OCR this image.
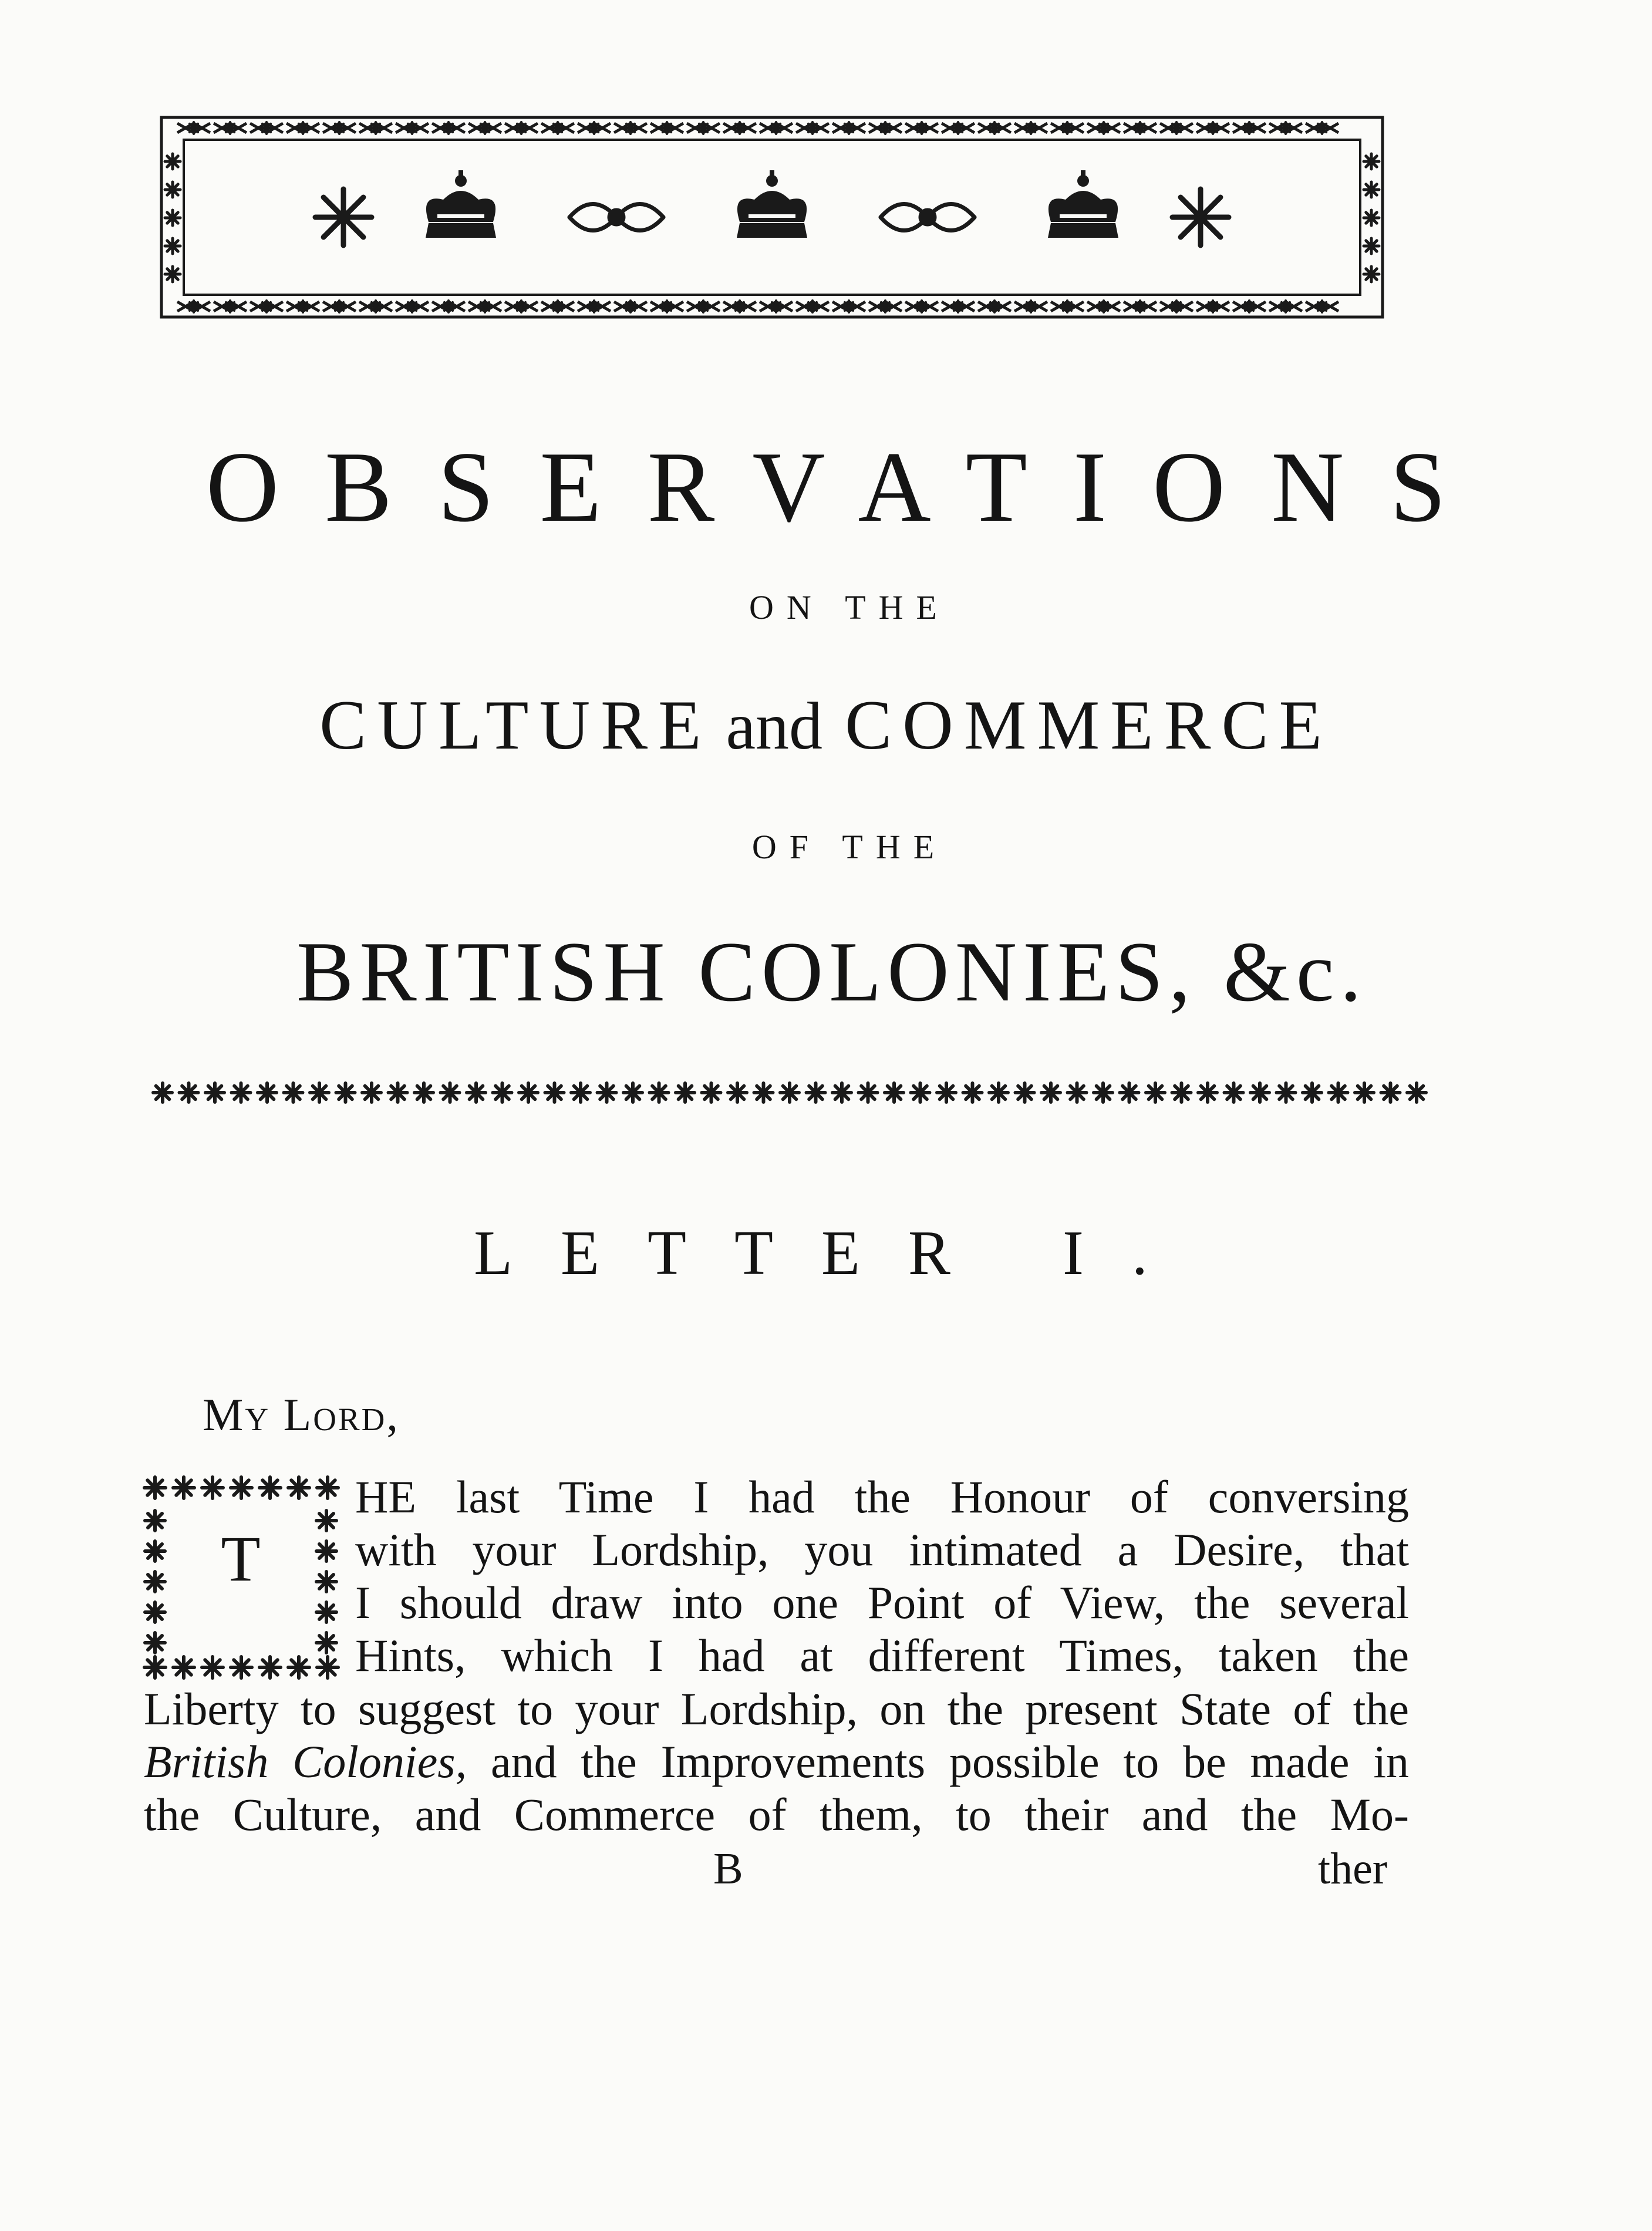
OBSERVATIONS
ON THE
CULTURE and COMMERCE
OF THE
BRITISH COLONIES, &c.
LETTER I.
My Lord,
T
HE last Time I had the Honour of conversing
with your Lordship, you intimated a Desire, that
I should draw into one Point of View, the several
Hints, which I had at different Times, taken the
Liberty to suggest to your Lordship, on the present State of the
British Colonies, and the Improvements possible to be made in
the Culture, and Commerce of them, to their and the Mo-
B	ther
